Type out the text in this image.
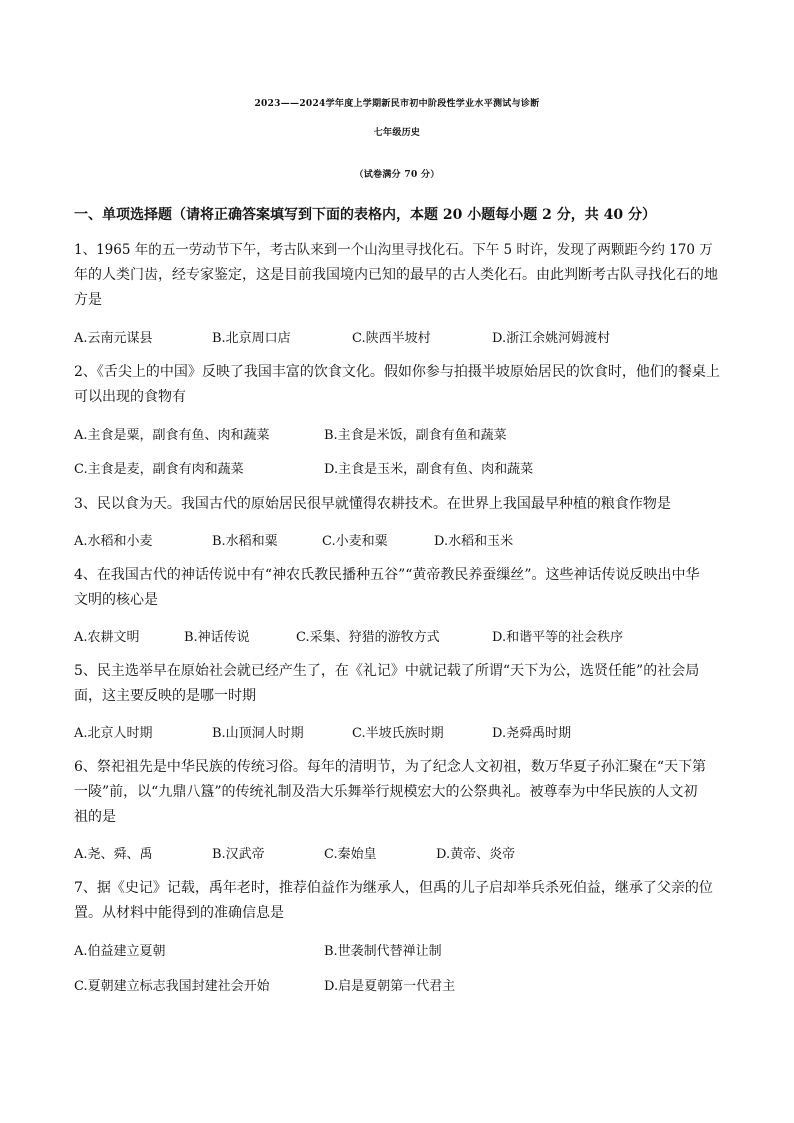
2023——2024学年度上学期新民市初中阶段性学业水平测试与诊断
七年级历史
（试卷满分 70 分）
一、单项选择题（请将正确答案填写到下面的表格内，本题 20 小题每小题 2 分，共 40 分）
1、1965 年的五一劳动节下午，考古队来到一个山沟里寻找化石。下午 5 时许，发现了两颗距今约 170 万
年的人类门齿，经专家鉴定，这是目前我国境内已知的最早的古人类化石。由此判断考古队寻找化石的地
方是
A.云南元谋县	B.北京周口店	C.陕西半坡村	D.浙江余姚河姆渡村
2、《舌尖上的中国》反映了我国丰富的饮食文化。假如你参与拍摄半坡原始居民的饮食时，他们的餐桌上
可以出现的食物有
A.主食是粟，副食有鱼、肉和蔬菜	B.主食是米饭，副食有鱼和蔬菜
C.主食是麦，副食有肉和蔬菜	D.主食是玉米，副食有鱼、肉和蔬菜
3、民以食为天。我国古代的原始居民很早就懂得农耕技术。在世界上我国最早种植的粮食作物是
A.水稻和小麦	B.水稻和粟	C.小麦和粟	D.水稻和玉米
4、在我国古代的神话传说中有“神农氏教民播种五谷”“黄帝教民养蚕缫丝”。这些神话传说反映出中华
文明的核心是
A.农耕文明	B.神话传说	C.采集、狩猎的游牧方式	D.和谐平等的社会秩序
5、民主选举早在原始社会就已经产生了，在《礼记》中就记载了所谓“天下为公，选贤任能”的社会局
面，这主要反映的是哪一时期
A.北京人时期	B.山顶洞人时期	C.半坡氏族时期	D.尧舜禹时期
6、祭祀祖先是中华民族的传统习俗。每年的清明节，为了纪念人文初祖，数万华夏子孙汇聚在“天下第
一陵”前，以“九鼎八簋”的传统礼制及浩大乐舞举行规模宏大的公祭典礼。被尊奉为中华民族的人文初
祖的是
A.尧、舜、禹	B.汉武帝	C.秦始皇	D.黄帝、炎帝
7、据《史记》记载，禹年老时，推荐伯益作为继承人，但禹的儿子启却举兵杀死伯益，继承了父亲的位
置。从材料中能得到的准确信息是
A.伯益建立夏朝	B.世袭制代替禅让制
C.夏朝建立标志我国封建社会开始	D.启是夏朝第一代君主
